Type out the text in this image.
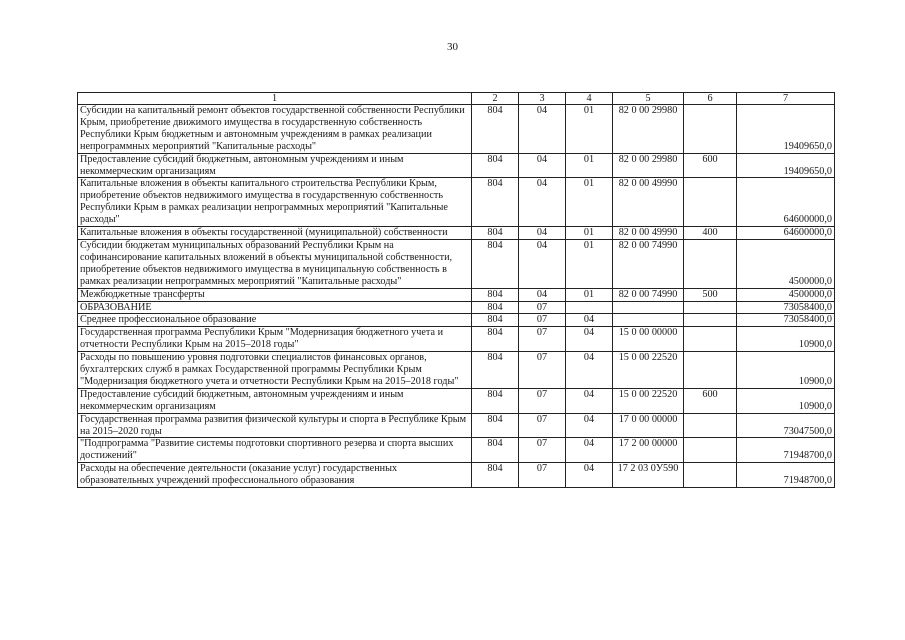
30
1	2	3	4	5	6	7
Субсидии на капитальный ремонт объектов государственной собственности Республики Крым, приобретение движимого имущества в государственную собственность Республики Крым бюджетным и автономным учреждениям в рамках реализации непрограммных мероприятий "Капитальные расходы"	804	04	01	82 0 00 29980		19409650,0
Предоставление субсидий бюджетным, автономным учреждениям и иным некоммерческим организациям	804	04	01	82 0 00 29980	600	19409650,0
Капитальные вложения в объекты капитального строительства Республики Крым, приобретение объектов недвижимого имущества в государственную собственность Республики Крым в рамках реализации непрограммных мероприятий "Капитальные расходы"	804	04	01	82 0 00 49990		64600000,0
Капитальные вложения в объекты государственной (муниципальной) собственности	804	04	01	82 0 00 49990	400	64600000,0
Субсидии бюджетам муниципальных образований Республики Крым на софинансирование капитальных вложений в объекты муниципальной собственности, приобретение объектов недвижимого имущества в муниципальную собственность в рамках реализации непрограммных мероприятий "Капитальные расходы"	804	04	01	82 0 00 74990		4500000,0
Межбюджетные трансферты	804	04	01	82 0 00 74990	500	4500000,0
ОБРАЗОВАНИЕ	804	07				73058400,0
Среднее профессиональное образование	804	07	04			73058400,0
Государственная программа Республики Крым "Модернизация бюджетного учета и отчетности Республики Крым на 2015–2018 годы"	804	07	04	15 0 00 00000		10900,0
Расходы по повышению уровня подготовки специалистов финансовых органов, бухгалтерских служб в рамках Государственной программы Республики Крым "Модернизация бюджетного учета и отчетности Республики Крым на 2015–2018 годы"	804	07	04	15 0 00 22520		10900,0
Предоставление субсидий бюджетным, автономным учреждениям и иным некоммерческим организациям	804	07	04	15 0 00 22520	600	10900,0
Государственная программа развития физической культуры и спорта в Республике Крым на 2015–2020 годы	804	07	04	17 0 00 00000		73047500,0
"Подпрограмма "Развитие системы подготовки спортивного резерва и спорта высших достижений"	804	07	04	17 2 00 00000		71948700,0
Расходы на обеспечение деятельности (оказание услуг) государственных образовательных учреждений профессионального образования	804	07	04	17 2 03 0У590		71948700,0
